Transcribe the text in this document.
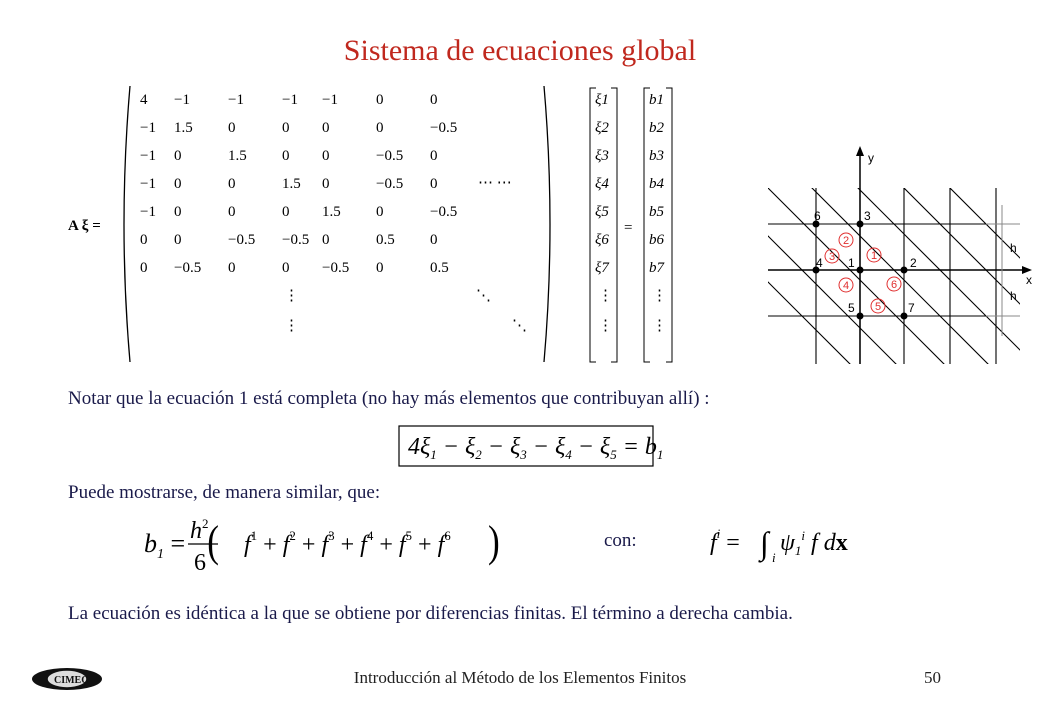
Sistema de ecuaciones global
A ξ =
4 −1	−1	−1 −1	0	0
−1 1.5 0	0 0	0	−0.5
−1 0	1.5 0 0	−0.5 0
−1 0	0	1.5 0	−0.5 0
−1 0	0	0 1.5 0	−0.5
0 0	−0.5 −0.5 0	0.5 0
0 −0.5 0	0 −0.5 0	0.5
⋯ ⋯
⋮
⋮
⋱
⋱
ξ1
ξ2
ξ3
ξ4
ξ5
ξ6
ξ7
⋮
⋮
=
b1
b2
b3
b4
b5
b6
b7
⋮
⋮
y
x
h
h
1	2
3
4
5
6
7
1
2
3
4
5
6
Notar que la ecuación 1 está completa (no hay más elementos que contribuyan allí) :
$4\xi_1 - \xi_2 - \xi_3 - \xi_4 - \xi_5 = b_1$
Puede mostrarse, de manera similar, que:
$b_1 = h^2$
6 ( $f^1 + f^2 + f^3 + f^4 + f^5 + f^6$ )	con:	$f^i$ = ∫ i
$\psi_1^i$ f dx
La ecuación es idéntica a la que se obtiene por diferencias finitas. El término a derecha cambia.
CIMEC	Introducción al Método de los Elementos Finitos	50
